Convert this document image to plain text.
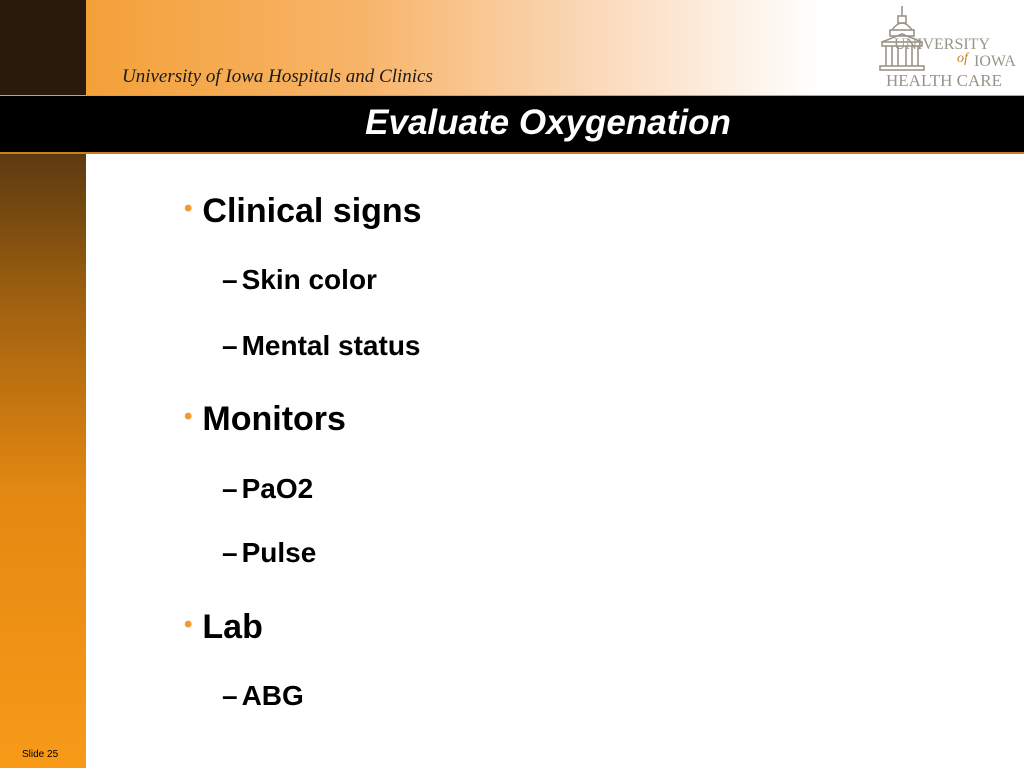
University of Iowa Hospitals and Clinics
UNIVERSITY
of IOWA
HEALTH CARE
Evaluate Oxygenation
• Clinical signs
– Skin color
– Mental status
• Monitors
– PaO2
– Pulse
• Lab
– ABG
Slide 25
